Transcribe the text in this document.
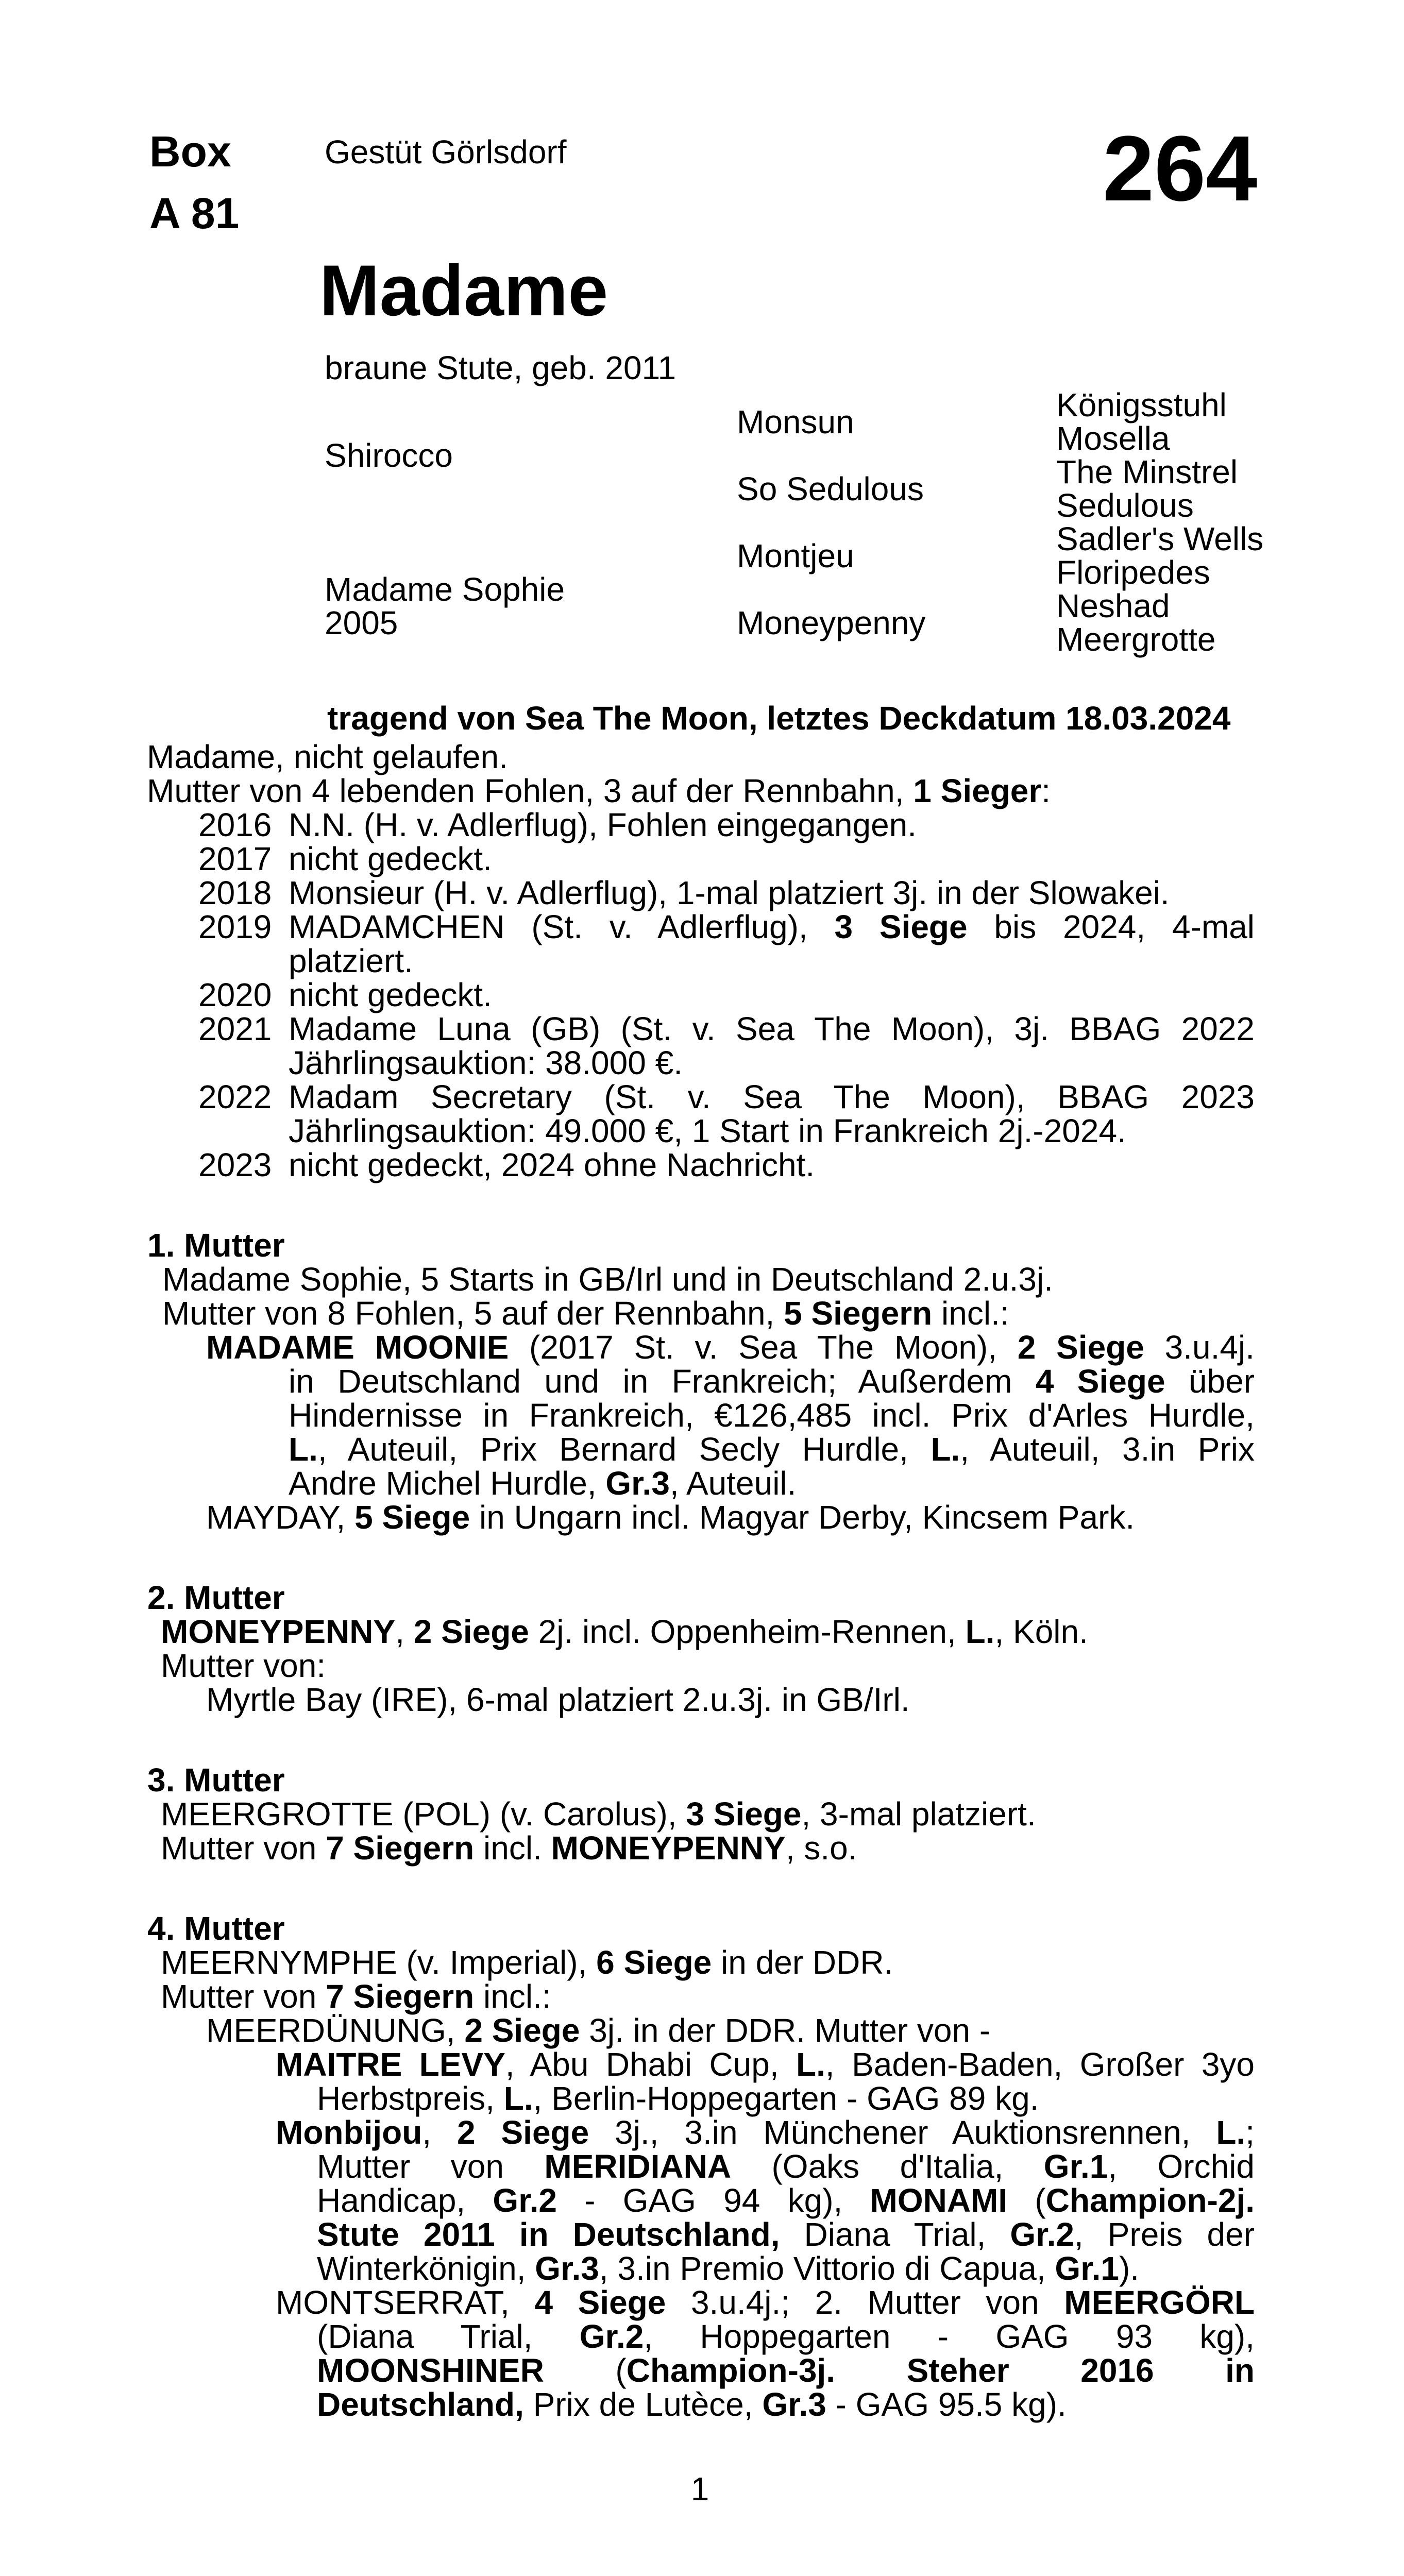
Box
A 81
Gestüt Görlsdorf	264
Madame
braune Stute, geb. 2011
Shirocco
Madame Sophie
2005
Monsun
So Sedulous
Montjeu
Moneypenny
Königsstuhl
Mosella
The Minstrel
Sedulous
Sadler's Wells
Floripedes
Neshad
Meergrotte
tragend von Sea The Moon, letztes Deckdatum 18.03.2024
Madame, nicht gelaufen.
Mutter von 4 lebenden Fohlen, 3 auf der Rennbahn, 1 Sieger:
2016 N.N. (H. v. Adlerflug), Fohlen eingegangen.
2017 nicht gedeckt.
2018 Monsieur (H. v. Adlerflug), 1-mal platziert 3j. in der Slowakei.
2019 MADAMCHEN (St. v. Adlerflug), 3 Siege bis 2024, 4-mal
platziert.
2020 nicht gedeckt.
2021 Madame Luna (GB) (St. v. Sea The Moon), 3j. BBAG 2022
Jährlingsauktion: 38.000 €.
2022 Madam Secretary (St. v. Sea The Moon), BBAG 2023
Jährlingsauktion: 49.000 €, 1 Start in Frankreich 2j.-2024.
2023 nicht gedeckt, 2024 ohne Nachricht.
1. Mutter
Madame Sophie, 5 Starts in GB/Irl und in Deutschland 2.u.3j.
Mutter von 8 Fohlen, 5 auf der Rennbahn, 5 Siegern incl.:
MADAME MOONIE (2017 St. v. Sea The Moon), 2 Siege 3.u.4j.
in Deutschland und in Frankreich; Außerdem 4 Siege über
Hindernisse in Frankreich, €126,485 incl. Prix d'Arles Hurdle,
L., Auteuil, Prix Bernard Secly Hurdle, L., Auteuil, 3.in Prix
Andre Michel Hurdle, Gr.3, Auteuil.
MAYDAY, 5 Siege in Ungarn incl. Magyar Derby, Kincsem Park.
2. Mutter
MONEYPENNY, 2 Siege 2j. incl. Oppenheim-Rennen, L., Köln.
Mutter von:
Myrtle Bay (IRE), 6-mal platziert 2.u.3j. in GB/Irl.
3. Mutter
MEERGROTTE (POL) (v. Carolus), 3 Siege, 3-mal platziert.
Mutter von 7 Siegern incl. MONEYPENNY, s.o.
4. Mutter
MEERNYMPHE (v. Imperial), 6 Siege in der DDR.
Mutter von 7 Siegern incl.:
MEERDÜNUNG, 2 Siege 3j. in der DDR. Mutter von -
MAITRE LEVY, Abu Dhabi Cup, L., Baden-Baden, Großer 3yo
Herbstpreis, L., Berlin-Hoppegarten - GAG 89 kg.
Monbijou, 2 Siege 3j., 3.in Münchener Auktionsrennen, L.;
Mutter von MERIDIANA (Oaks d'Italia, Gr.1, Orchid
Handicap, Gr.2 - GAG 94 kg), MONAMI (Champion-2j.
Stute 2011 in Deutschland, Diana Trial, Gr.2, Preis der
Winterkönigin, Gr.3, 3.in Premio Vittorio di Capua, Gr.1).
MONTSERRAT, 4 Siege 3.u.4j.; 2. Mutter von MEERGÖRL
(Diana Trial, Gr.2, Hoppegarten - GAG 93 kg),
MOONSHINER (Champion-3j. Steher 2016 in
Deutschland, Prix de Lutèce, Gr.3 - GAG 95.5 kg).
1
